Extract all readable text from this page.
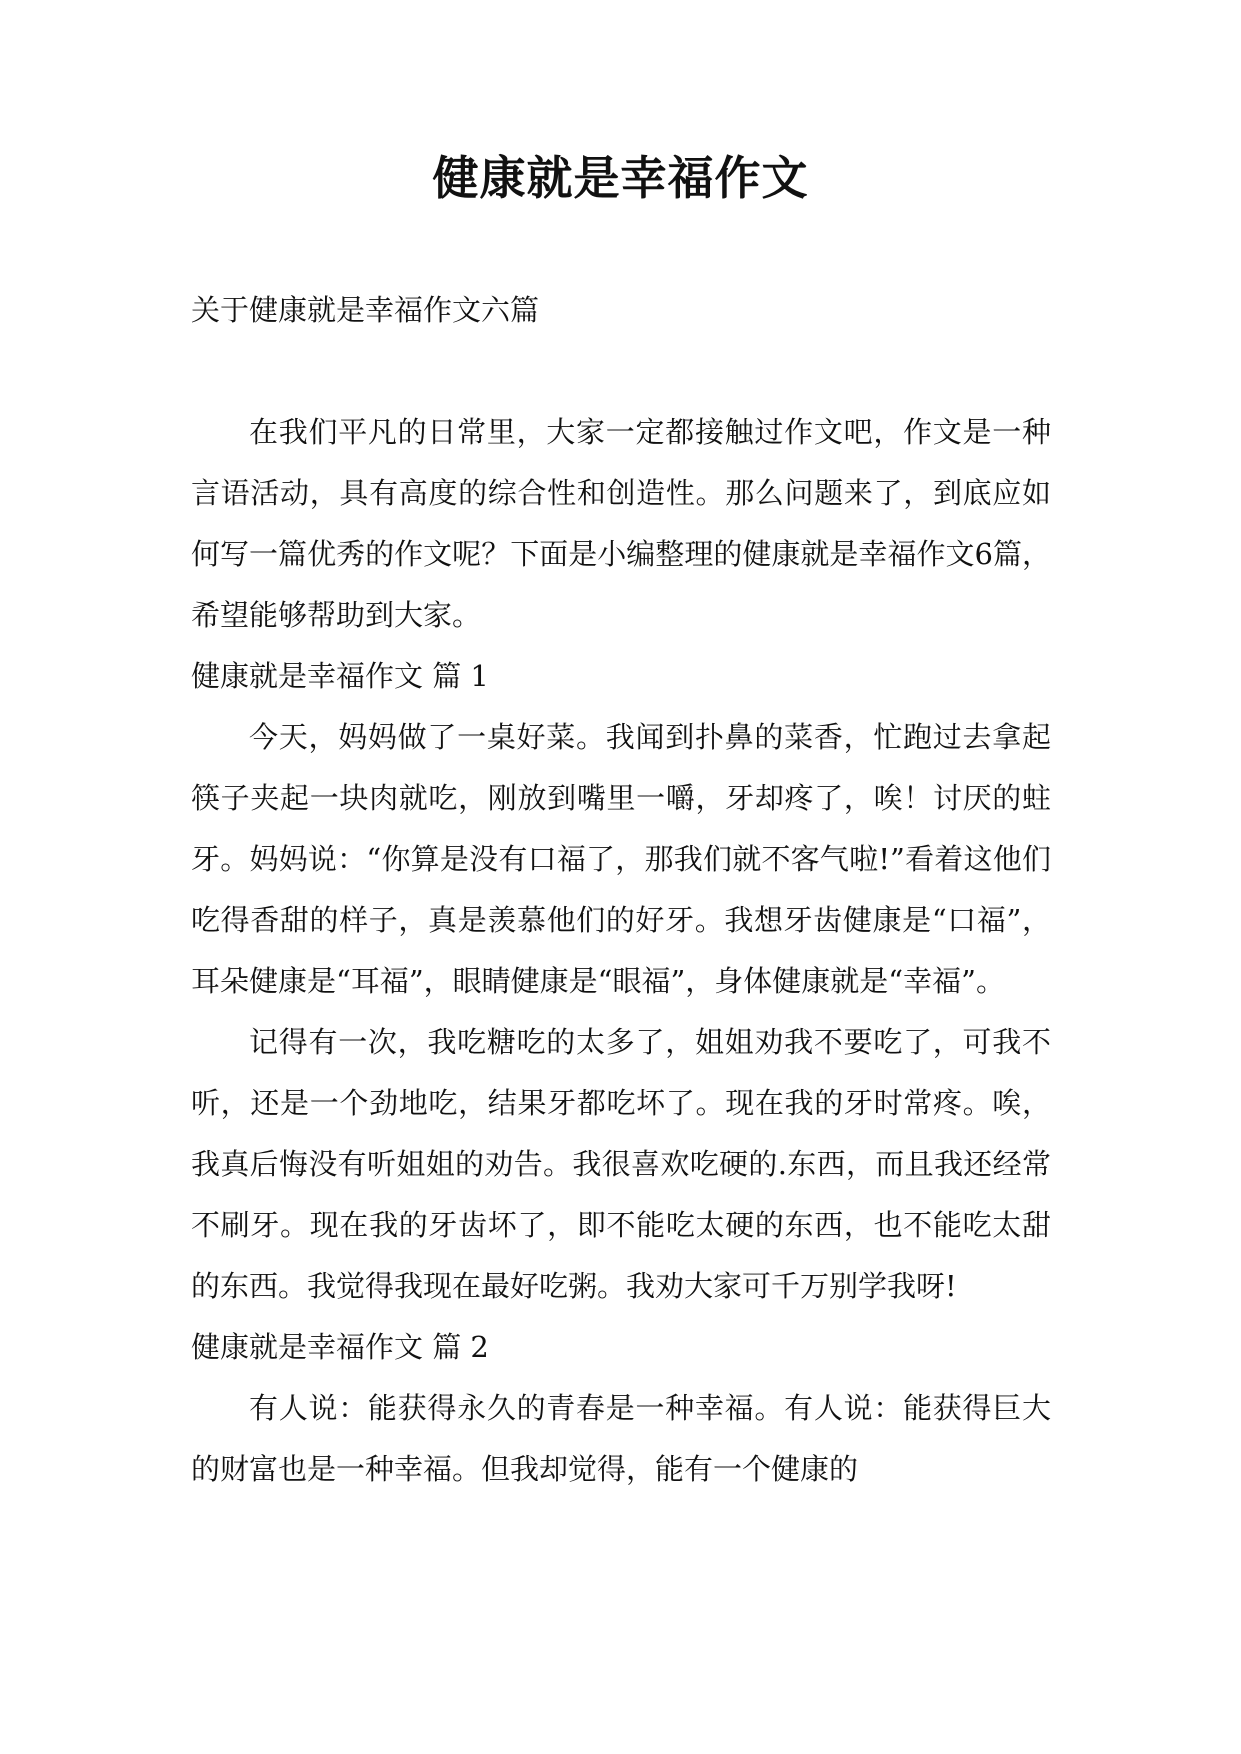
健康就是幸福作文
关于健康就是幸福作文六篇

在我们平凡的日常里，大家一定都接触过作文吧，作文是一种言语活动，具有高度的综合性和创造性。那么问题来了，到底应如何写一篇优秀的作文呢？下面是小编整理的健康就是幸福作文6篇，希望能够帮助到大家。

健康就是幸福作文 篇 1

今天，妈妈做了一桌好菜。我闻到扑鼻的菜香，忙跑过去拿起筷子夹起一块肉就吃，刚放到嘴里一嚼，牙却疼了，唉！讨厌的蛀牙。妈妈说：“你算是没有口福了，那我们就不客气啦!”看着这他们吃得香甜的样子，真是羡慕他们的好牙。我想牙齿健康是“口福”，耳朵健康是“耳福”，眼睛健康是“眼福”，身体健康就是“幸福”。

记得有一次，我吃糖吃的太多了，姐姐劝我不要吃了，可我不听，还是一个劲地吃，结果牙都吃坏了。现在我的牙时常疼。唉，我真后悔没有听姐姐的劝告。我很喜欢吃硬的.东西，而且我还经常不刷牙。现在我的牙齿坏了，即不能吃太硬的东西，也不能吃太甜的东西。我觉得我现在最好吃粥。我劝大家可千万别学我呀!

健康就是幸福作文 篇 2

有人说：能获得永久的青春是一种幸福。有人说：能获得巨大的财富也是一种幸福。但我却觉得，能有一个健康的
